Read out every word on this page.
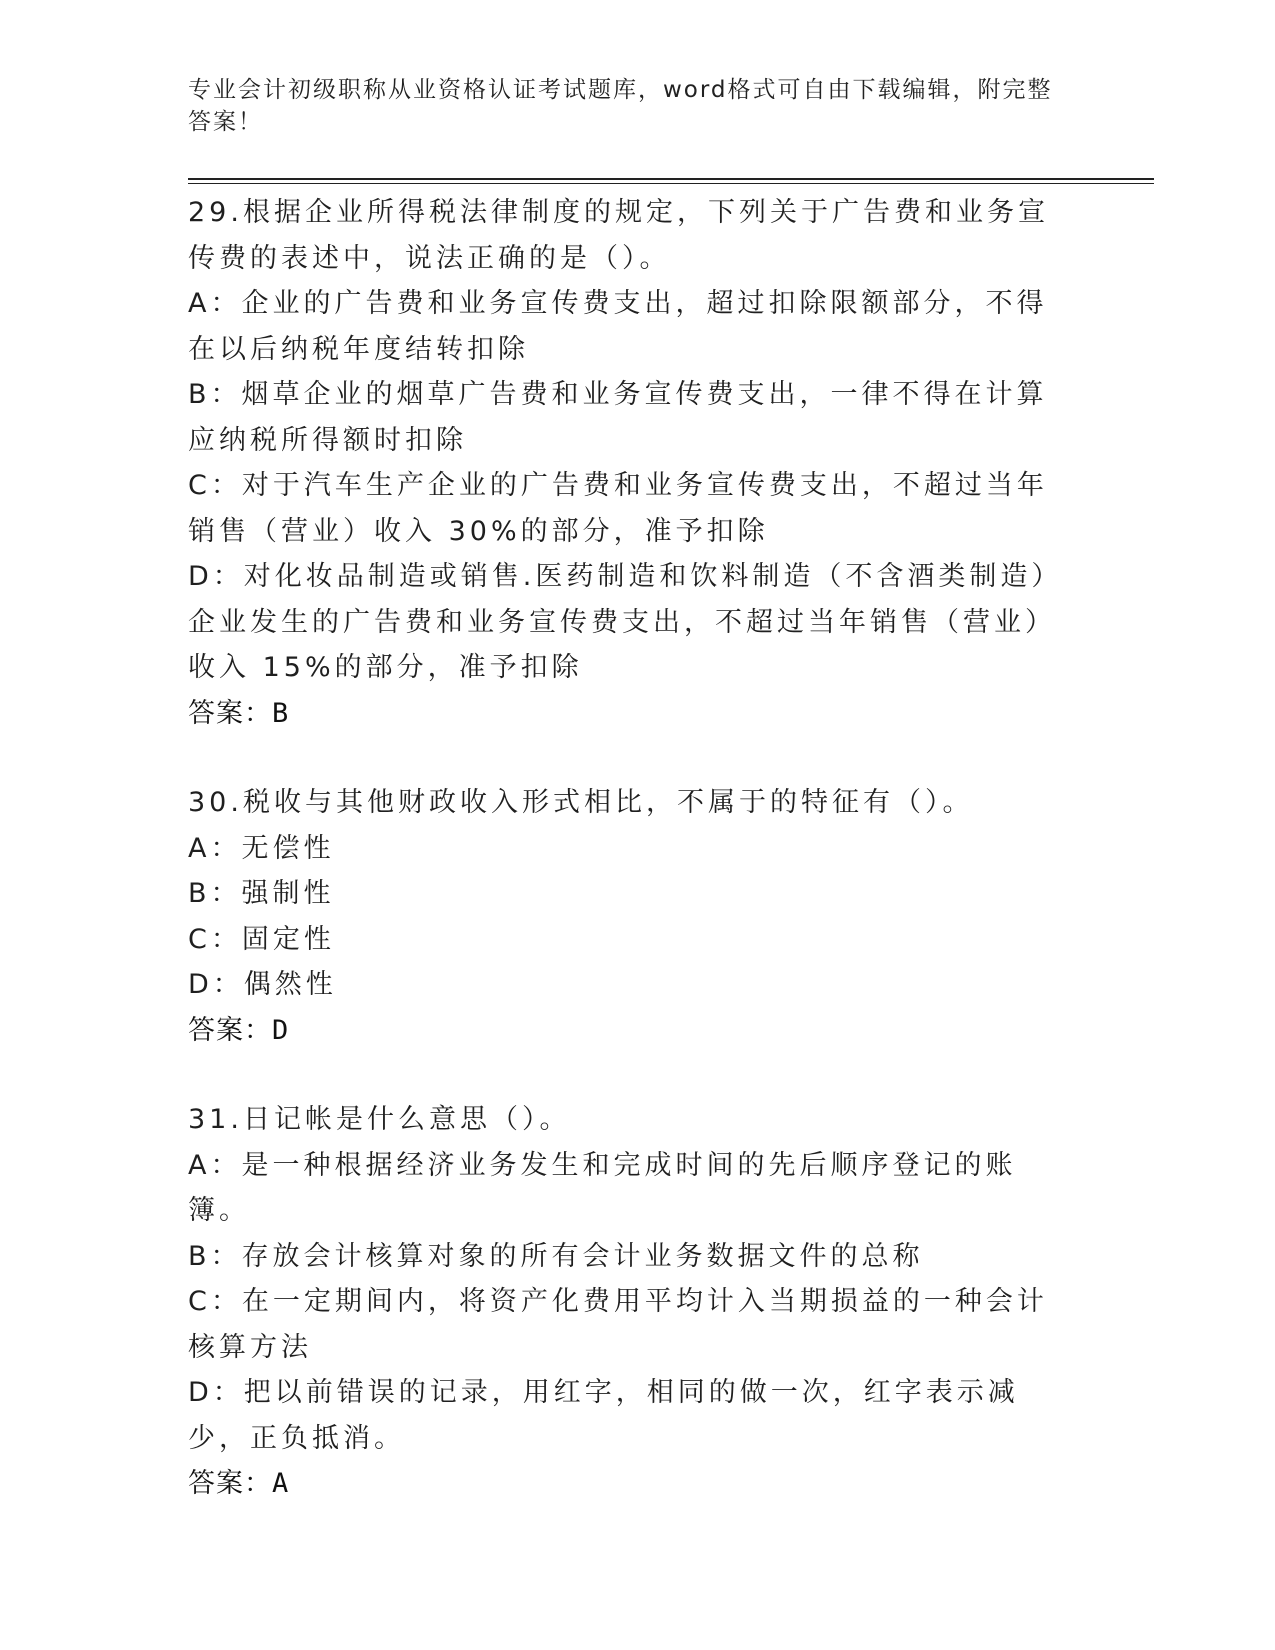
专业会计初级职称从业资格认证考试题库，word格式可自由下载编辑，附完整答案！
29.根据企业所得税法律制度的规定，下列关于广告费和业务宣传费的表述中，说法正确的是（）。
A：企业的广告费和业务宣传费支出，超过扣除限额部分，不得在以后纳税年度结转扣除
B：烟草企业的烟草广告费和业务宣传费支出，一律不得在计算应纳税所得额时扣除
C：对于汽车生产企业的广告费和业务宣传费支出，不超过当年销售（营业）收入 30%的部分，准予扣除
D：对化妆品制造或销售.医药制造和饮料制造（不含酒类制造）企业发生的广告费和业务宣传费支出，不超过当年销售（营业）收入 15%的部分，准予扣除
答案：B
30.税收与其他财政收入形式相比，不属于的特征有（）。
A：无偿性
B：强制性
C：固定性
D：偶然性
答案：D
31.日记帐是什么意思（）。
A：是一种根据经济业务发生和完成时间的先后顺序登记的账簿。
B：存放会计核算对象的所有会计业务数据文件的总称
C：在一定期间内，将资产化费用平均计入当期损益的一种会计核算方法
D：把以前错误的记录，用红字，相同的做一次，红字表示减少，正负抵消。
答案：A
